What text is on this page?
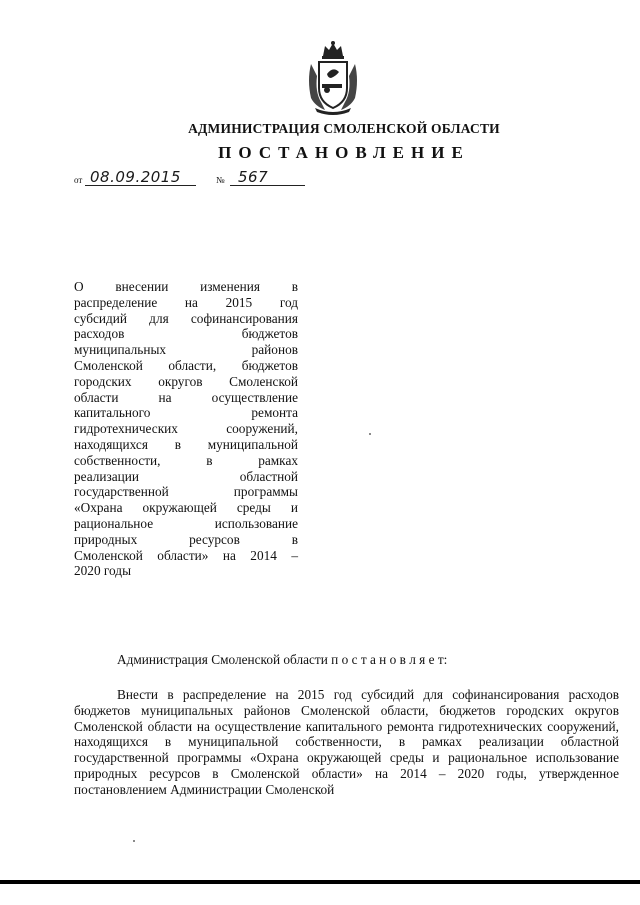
АДМИНИСТРАЦИЯ СМОЛЕНСКОЙ ОБЛАСТИ
ПОСТАНОВЛЕНИЕ
от 08.09.2015	№ 567
О внесении изменения в
распределение на 2015 год
субсидий для софинансирования
расходов бюджетов
муниципальных районов
Смоленской области, бюджетов
городских округов Смоленской
области на осуществление
капитального ремонта
гидротехнических сооружений,
находящихся в муниципальной
собственности, в рамках
реализации областной
государственной программы
«Охрана окружающей среды и
рациональное использование
природных ресурсов в
Смоленской области» на 2014 –
2020 годы
Администрация Смоленской области п о с т а н о в л я е т:
Внести в распределение на 2015 год субсидий для софинансирования расходов бюджетов муниципальных районов Смоленской области, бюджетов городских округов Смоленской области на осуществление капитального ремонта гидротехнических сооружений, находящихся в муниципальной собственности, в рамках реализации областной государственной программы «Охрана окружающей среды и рациональное использование природных ресурсов в Смоленской области» на 2014 – 2020 годы, утвержденное постановлением Администрации Смоленской
